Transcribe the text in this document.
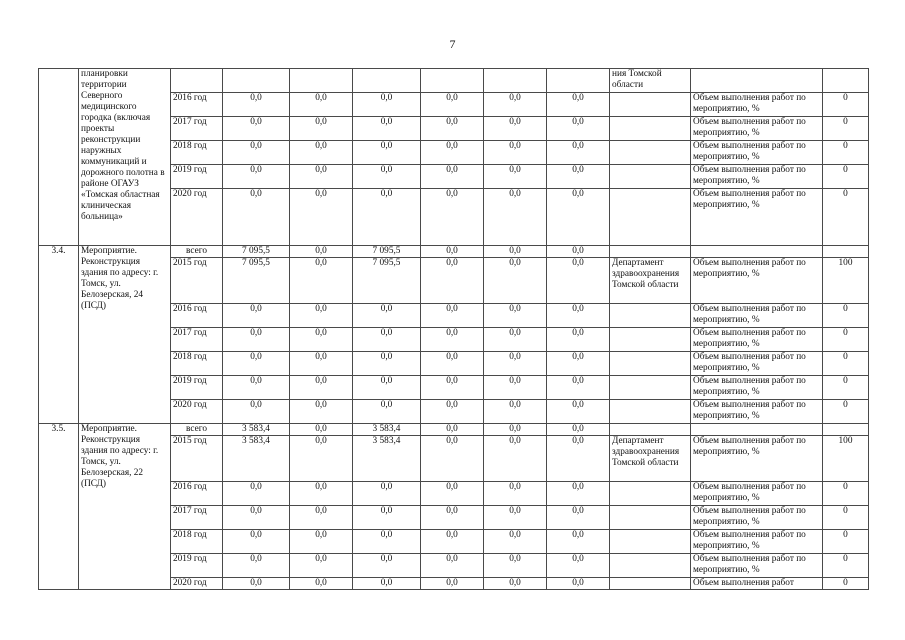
7
	планировки территории Северного медицинского городка (включая проекты реконструкции наружных коммуникаций и дорожного полотна в районе ОГАУЗ «Томская областная клиническая больница»								ния Томской области		
		2016 год	0,0	0,0	0,0	0,0	0,0	0,0		Объем выполнения работ по мероприятию, %	0
		2017 год	0,0	0,0	0,0	0,0	0,0	0,0		Объем выполнения работ по мероприятию, %	0
		2018 год	0,0	0,0	0,0	0,0	0,0	0,0		Объем выполнения работ по мероприятию, %	0
		2019 год	0,0	0,0	0,0	0,0	0,0	0,0		Объем выполнения работ по мероприятию, %	0
		2020 год	0,0	0,0	0,0	0,0	0,0	0,0		Объем выполнения работ по мероприятию, %	0
3.4.	Мероприятие. Реконструкция здания по адресу: г. Томск, ул. Белозерская, 24 (ПСД)	всего	7 095,5	0,0	7 095,5	0,0	0,0	0,0			
		2015 год	7 095,5	0,0	7 095,5	0,0	0,0	0,0	Департамент здравоохранения Томской области	Объем выполнения работ по мероприятию, %	100
		2016 год	0,0	0,0	0,0	0,0	0,0	0,0		Объем выполнения работ по мероприятию, %	0
		2017 год	0,0	0,0	0,0	0,0	0,0	0,0		Объем выполнения работ по мероприятию, %	0
		2018 год	0,0	0,0	0,0	0,0	0,0	0,0		Объем выполнения работ по мероприятию, %	0
		2019 год	0,0	0,0	0,0	0,0	0,0	0,0		Объем выполнения работ по мероприятию, %	0
		2020 год	0,0	0,0	0,0	0,0	0,0	0,0		Объем выполнения работ по мероприятию, %	0
3.5.	Мероприятие. Реконструкция здания по адресу: г. Томск, ул. Белозерская, 22 (ПСД)	всего	3 583,4	0,0	3 583,4	0,0	0,0	0,0			
		2015 год	3 583,4	0,0	3 583,4	0,0	0,0	0,0	Департамент здравоохранения Томской области	Объем выполнения работ по мероприятию, %	100
		2016 год	0,0	0,0	0,0	0,0	0,0	0,0		Объем выполнения работ по мероприятию, %	0
		2017 год	0,0	0,0	0,0	0,0	0,0	0,0		Объем выполнения работ по мероприятию, %	0
		2018 год	0,0	0,0	0,0	0,0	0,0	0,0		Объем выполнения работ по мероприятию, %	0
		2019 год	0,0	0,0	0,0	0,0	0,0	0,0		Объем выполнения работ по мероприятию, %	0
		2020 год	0,0	0,0	0,0	0,0	0,0	0,0		Объем выполнения работ	0
